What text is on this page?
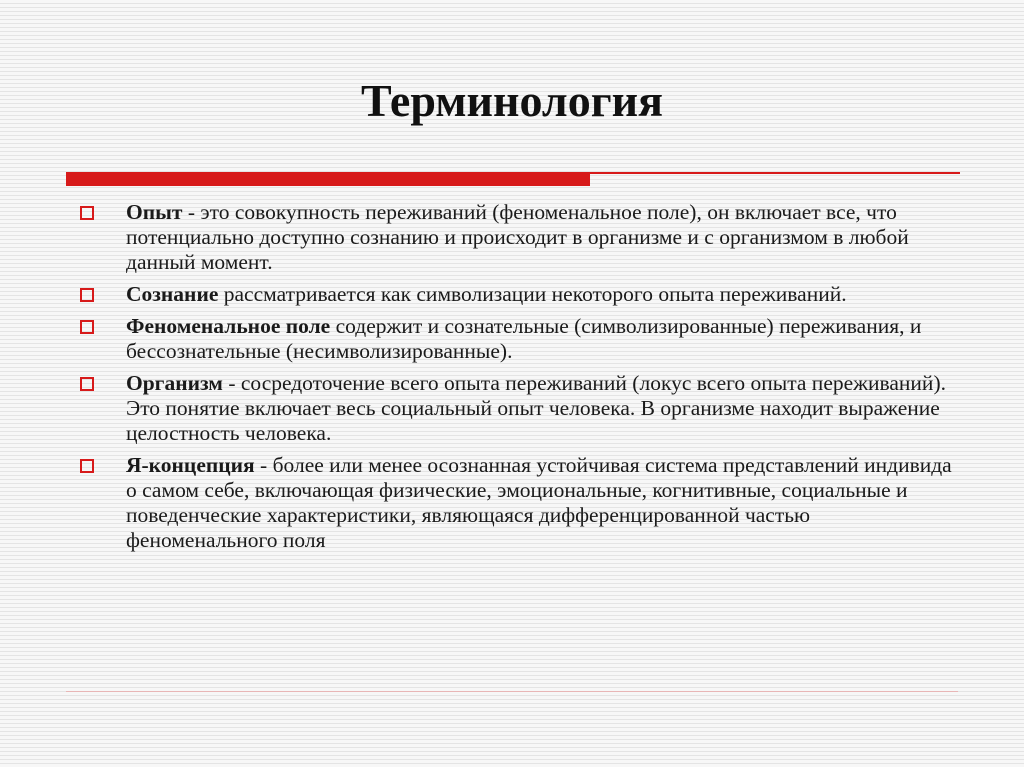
Терминология
Опыт - это совокупность переживаний (феноменальное поле), он включает все, что потенциально доступно сознанию и происходит в организме и с организмом в любой данный момент.
Сознание рассматривается как символизации некоторого опыта переживаний.
Феноменальное поле содержит и сознательные (символизированные) переживания, и бессознательные (несимволизированные).
Организм - сосредоточение всего опыта переживаний (локус всего опыта переживаний). Это понятие включает весь социальный опыт человека. В организме находит выражение целостность человека.
Я-концепция - более или менее осознанная устойчивая система представлений индивида о самом себе, включающая физические, эмоциональные, когнитивные, социальные и поведенческие характеристики, являющаяся дифференцированной частью феноменального поля
